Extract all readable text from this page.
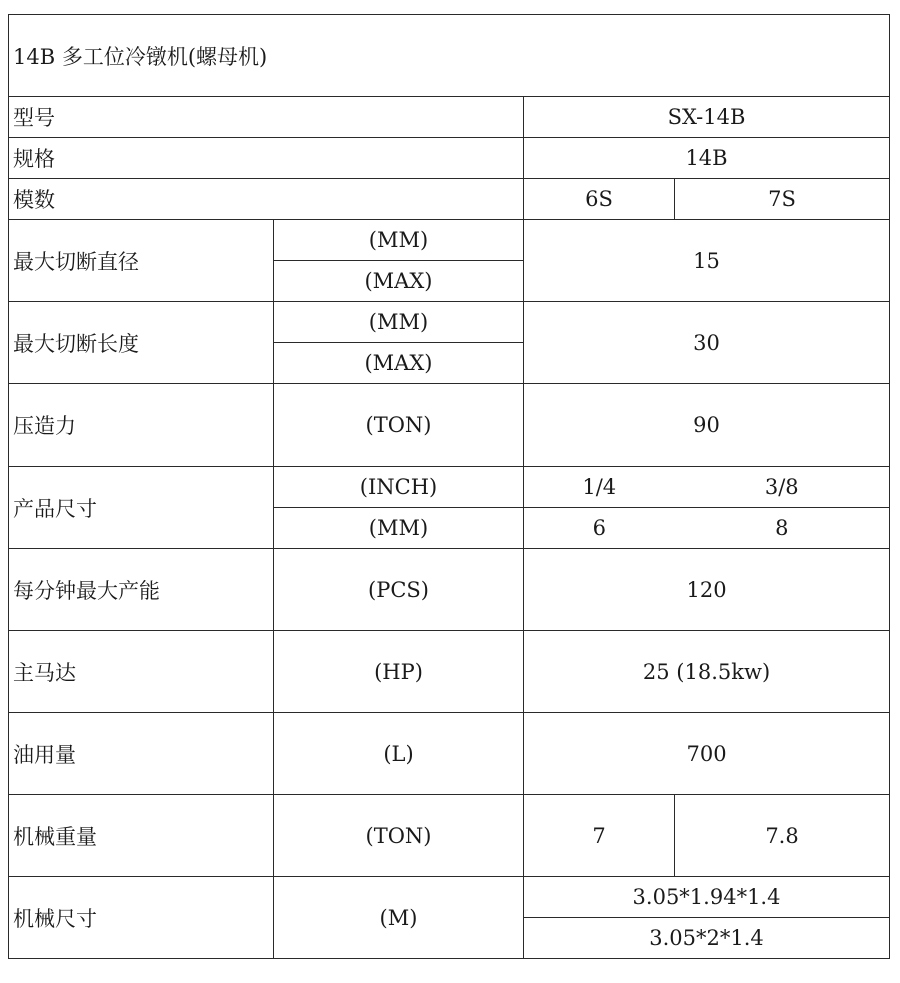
14B 多工位冷镦机(螺母机)			
型号		SX-14B	
规格		14B	
模数		6S	7S
最大切断直径	(MM)	15	
	(MAX)		
最大切断长度	(MM)	30	
	(MAX)		
压造力	(TON)	90	
产品尺寸	(INCH)	1/4	3/8
	(MM)	6	8
每分钟最大产能	(PCS)	120	
主马达	(HP)	25 (18.5kw)	
油用量	(L)	700	
机械重量	(TON)	7	7.8
机械尺寸	(M)	3.05*1.94*1.4	
		3.05*2*1.4	
